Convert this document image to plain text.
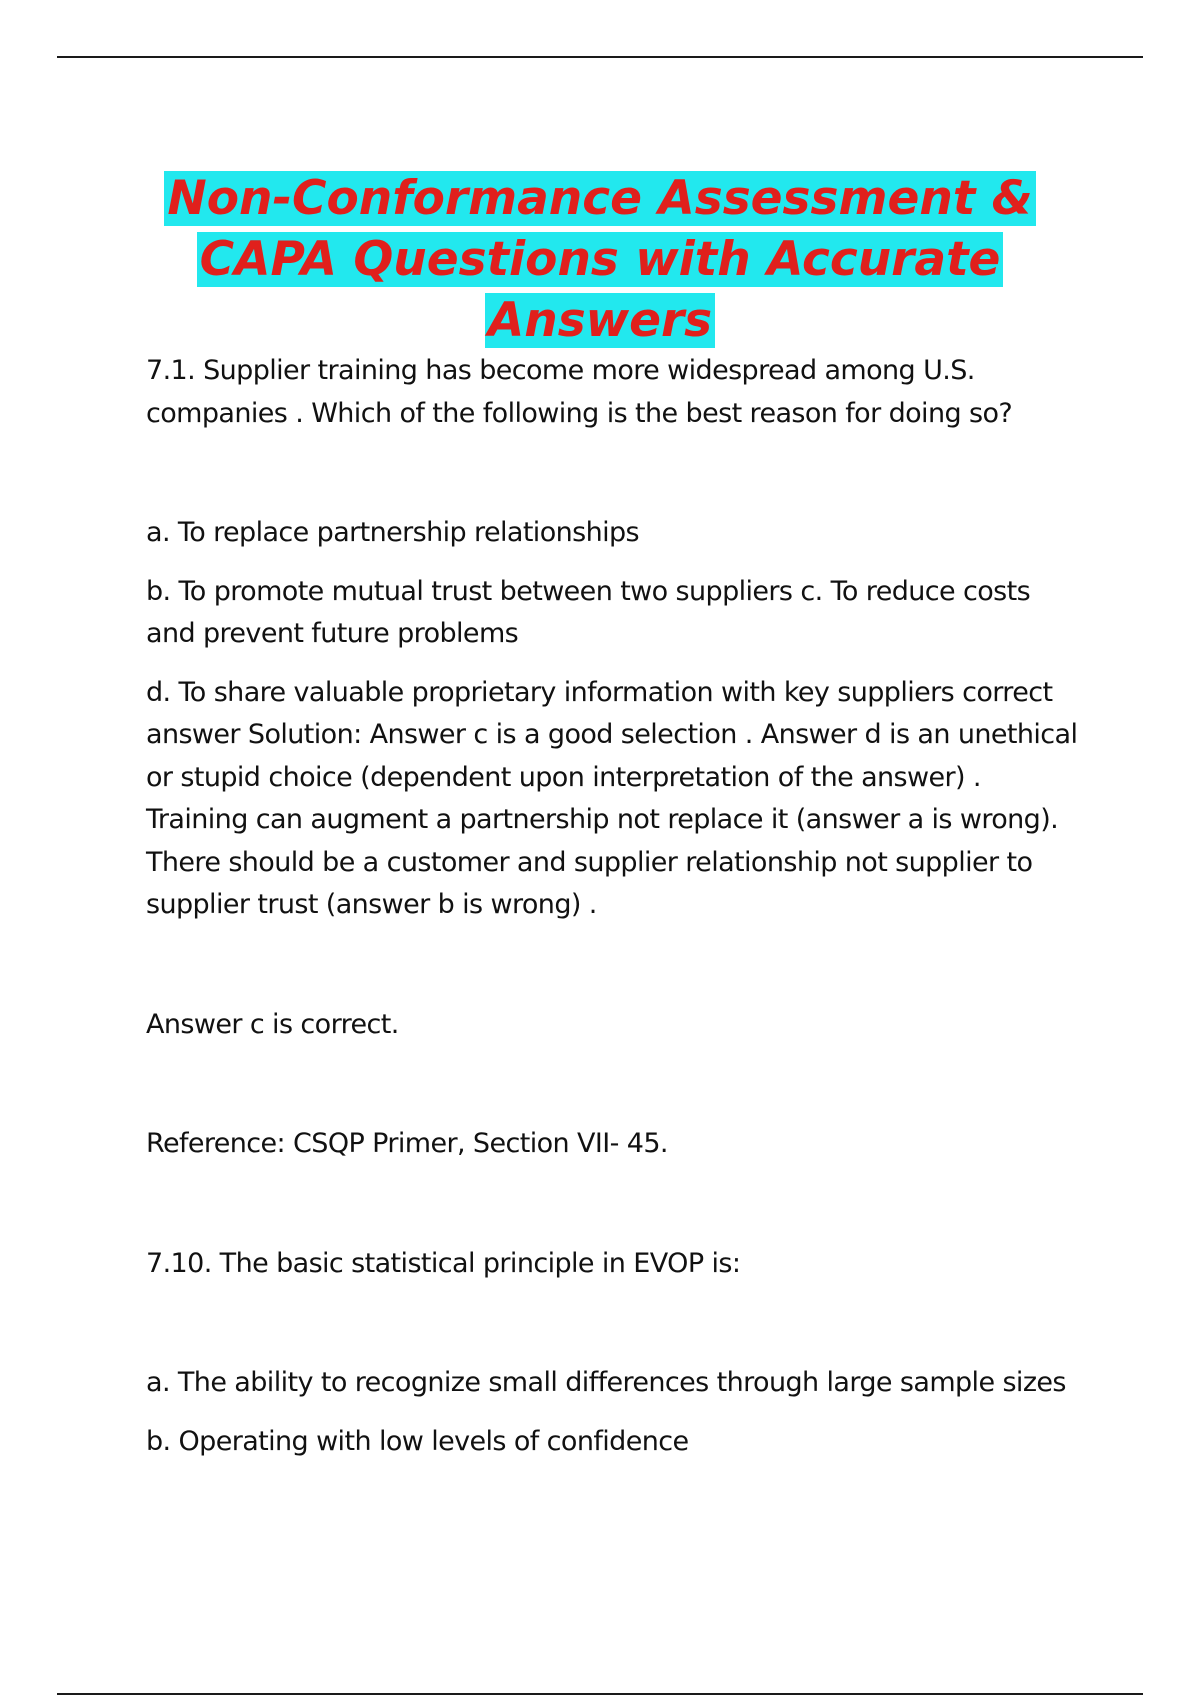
Non-Conformance Assessment &
CAPA Questions with Accurate
Answers

7.1. Supplier training has become more widespread among U.S. companies . Which of the following is the best reason for doing so?

a. To replace partnership relationships

b. To promote mutual trust between two suppliers c. To reduce costs and prevent future problems

d. To share valuable proprietary information with key suppliers correct answer Solution: Answer c is a good selection . Answer d is an unethical or stupid choice (dependent upon interpretation of the answer) . Training can augment a partnership not replace it (answer a is wrong). There should be a customer and supplier relationship not supplier to supplier trust (answer b is wrong) .

Answer c is correct.

Reference: CSQP Primer, Section VII- 45.

7.10. The basic statistical principle in EVOP is:

a. The ability to recognize small differences through large sample sizes

b. Operating with low levels of confidence
